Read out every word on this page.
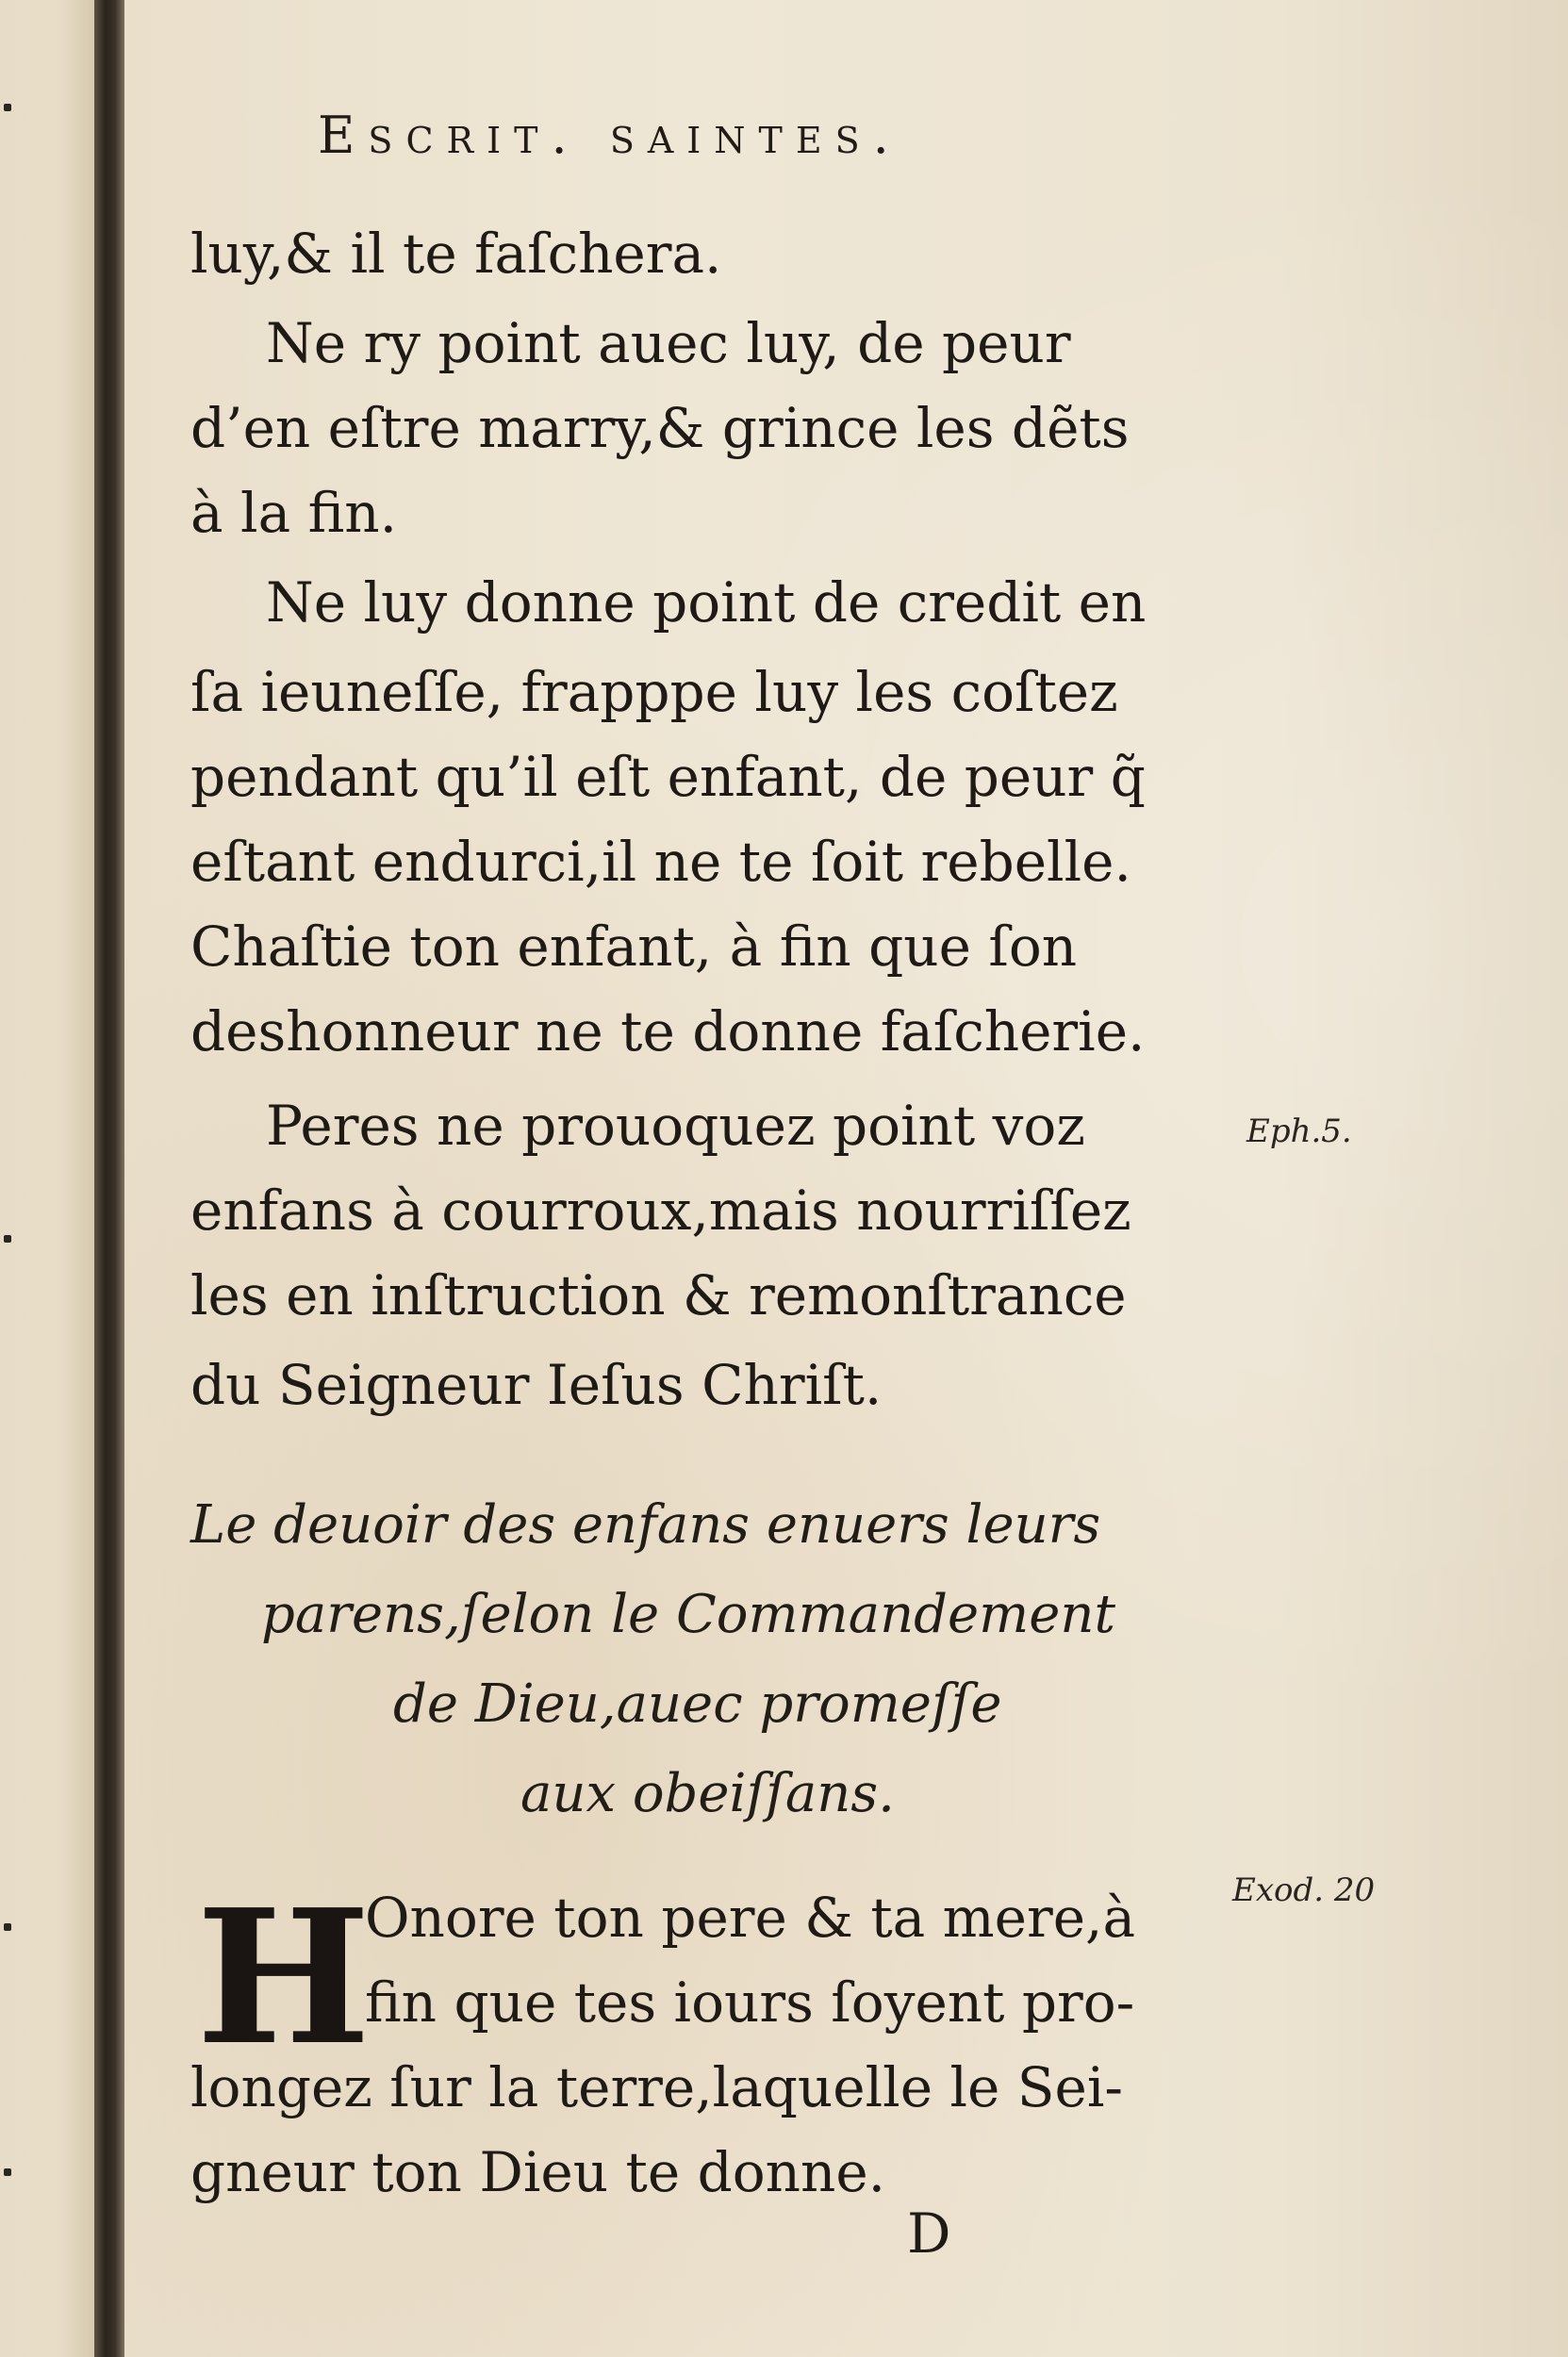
Escrit. saintes.
luy,& il te faſchera.
Ne ry point auec luy, de peur
d’en eſtre marry,& grince les dẽts
à la fin.
Ne luy donne point de credit en
ſa ieuneſſe, frapppe luy les coſtez
pendant qu’il eſt enfant, de peur q̃
eſtant endurci,il ne te ſoit rebelle.
Chaſtie ton enfant, à fin que ſon
deshonneur ne te donne faſcherie.
Peres ne prouoquez point voz
enfans à courroux,mais nourriſſez
les en inſtruction & remonſtrance
du Seigneur Ieſus Chriſt.
Eph.5.
Le deuoir des enfans enuers leurs
parens,ſelon le Commandement
de Dieu,auec promeſſe
aux obeiſſans.
H
Onore ton pere & ta mere,à
fin que tes iours ſoyent pro-
longez ſur la terre,laquelle le Sei-
gneur ton Dieu te donne.
Exod. 20
D
